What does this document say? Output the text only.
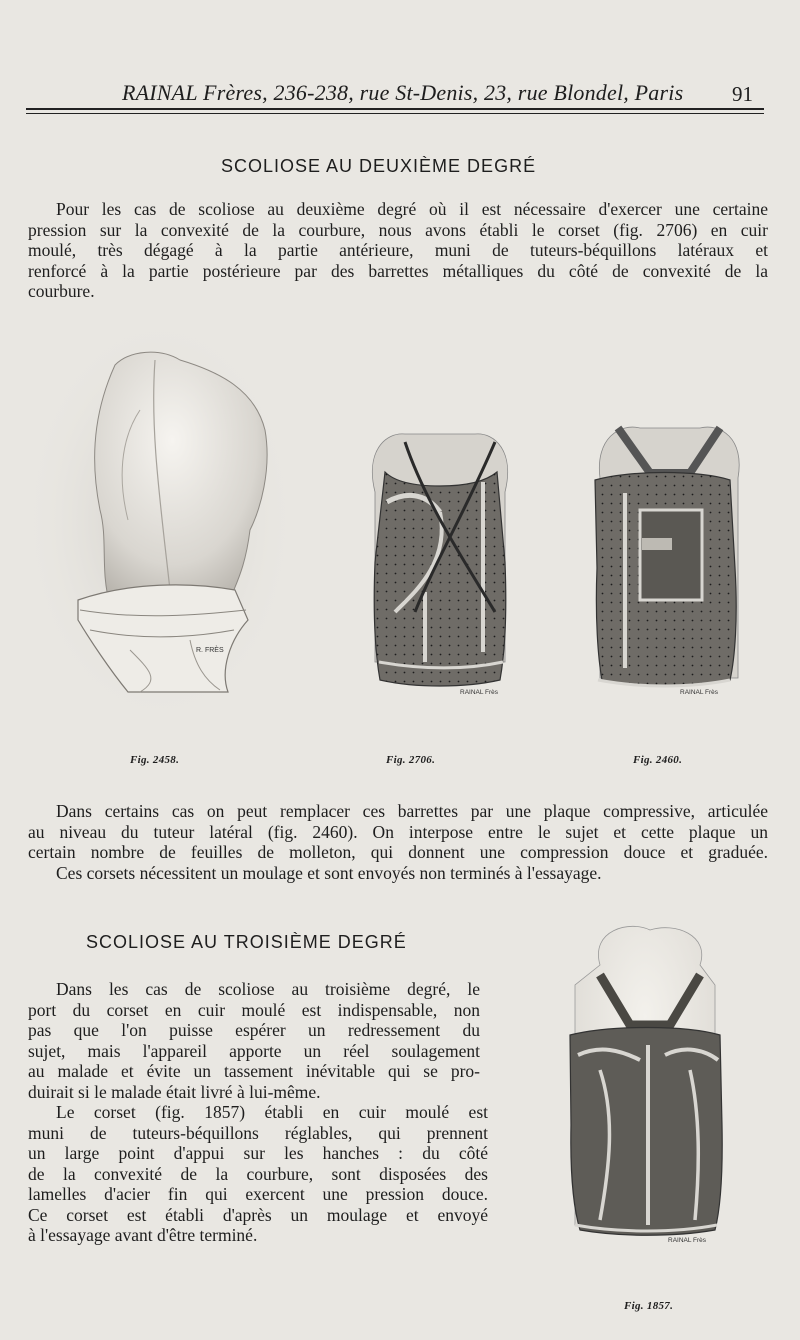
RAINAL Frères, 236-238, rue St-Denis, 23, rue Blondel, Paris 91
SCOLIOSE AU DEUXIÈME DEGRÉ
Pour les cas de scoliose au deuxième degré où il est nécessaire d'exercer une certaine
pression sur la convexité de la courbure, nous avons établi le corset (fig. 2706) en cuir
moulé, très dégagé à la partie antérieure, muni de tuteurs-béquillons latéraux et
renforcé à la partie postérieure par des barrettes métalliques du côté de convexité de la
courbure.
R. FRÈS
Fig. 2458.
RAINAL Frès
Fig. 2706.
RAINAL Frès
Fig. 2460.
Dans certains cas on peut remplacer ces barrettes par une plaque compressive, articulée
au niveau du tuteur latéral (fig. 2460). On interpose entre le sujet et cette plaque un
certain nombre de feuilles de molleton, qui donnent une compression douce et graduée.
Ces corsets nécessitent un moulage et sont envoyés non terminés à l'essayage.
SCOLIOSE AU TROISIÈME DEGRÉ
Dans les cas de scoliose au troisième degré, le
port du corset en cuir moulé est indispensable, non
pas que l'on puisse espérer un redressement du
sujet, mais l'appareil apporte un réel soulagement
au malade et évite un tassement inévitable qui se pro-
duirait si le malade était livré à lui-même.
Le corset (fig. 1857) établi en cuir moulé est
muni de tuteurs-béquillons réglables, qui prennent
un large point d'appui sur les hanches : du côté
de la convexité de la courbure, sont disposées des
lamelles d'acier fin qui exercent une pression douce.
Ce corset est établi d'après un moulage et envoyé
à l'essayage avant d'être terminé.	RAINAL Frès
Fig. 1857.
